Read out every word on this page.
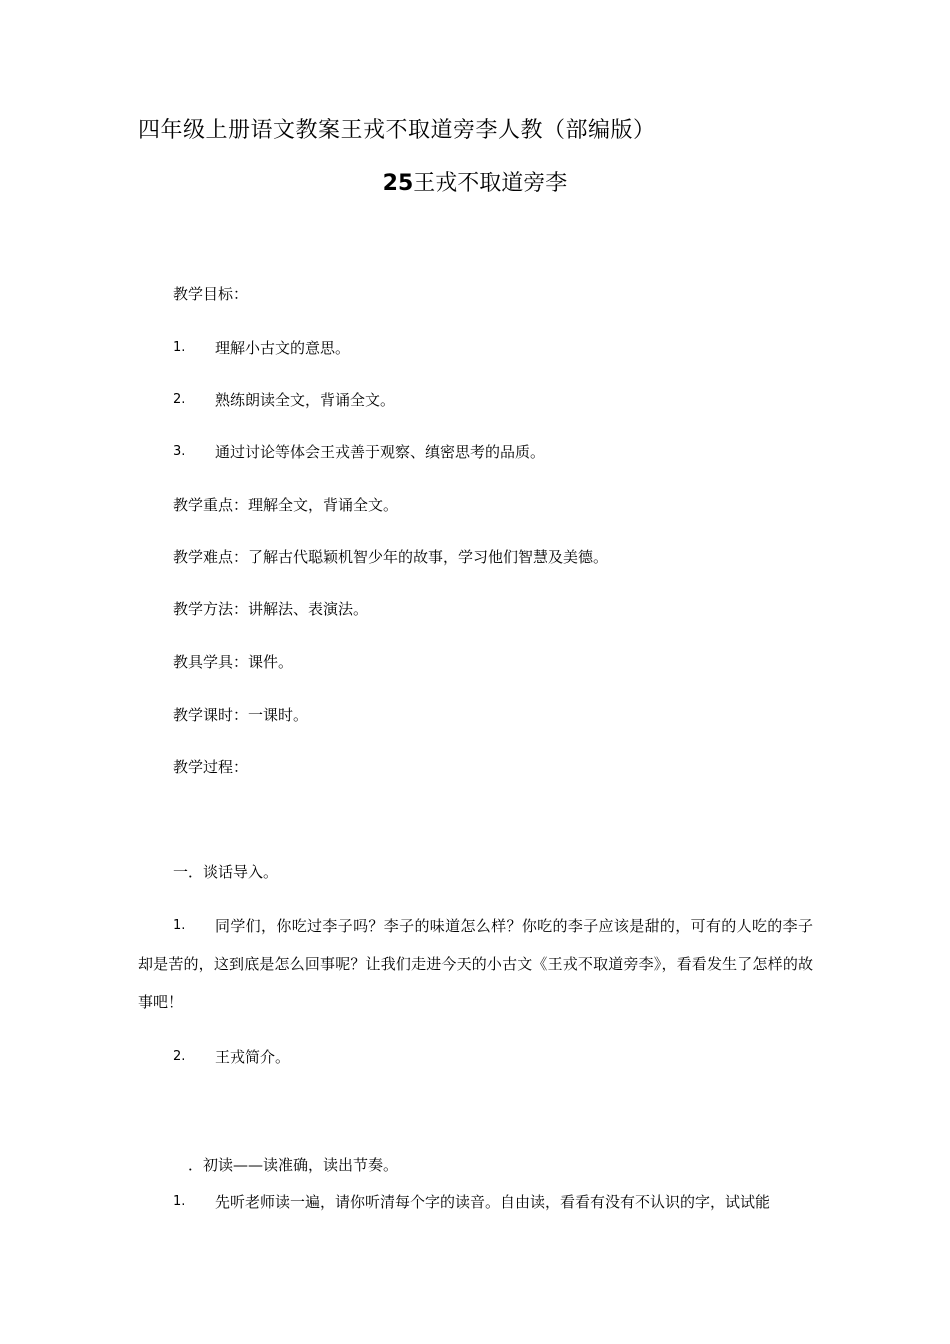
四年级上册语文教案王戎不取道旁李人教（部编版）
25王戎不取道旁李
教学目标：
1. 理解小古文的意思。
2. 熟练朗读全文，背诵全文。
3. 通过讨论等体会王戎善于观察、缜密思考的品质。
教学重点：理解全文，背诵全文。
教学难点：了解古代聪颖机智少年的故事，学习他们智慧及美德。
教学方法：讲解法、表演法。
教具学具：课件。
教学课时：一课时。
教学过程：
一．谈话导入。
1. 同学们，你吃过李子吗？李子的味道怎么样？你吃的李子应该是甜的，可有的人吃的李子却是苦的，这到底是怎么回事呢？让我们走进今天的小古文《王戎不取道旁李》，看看发生了怎样的故事吧！
2. 王戎简介。
．初读——读准确，读出节奏。
1. 先听老师读一遍，请你听清每个字的读音。自由读，看看有没有不认识的字，试试能
